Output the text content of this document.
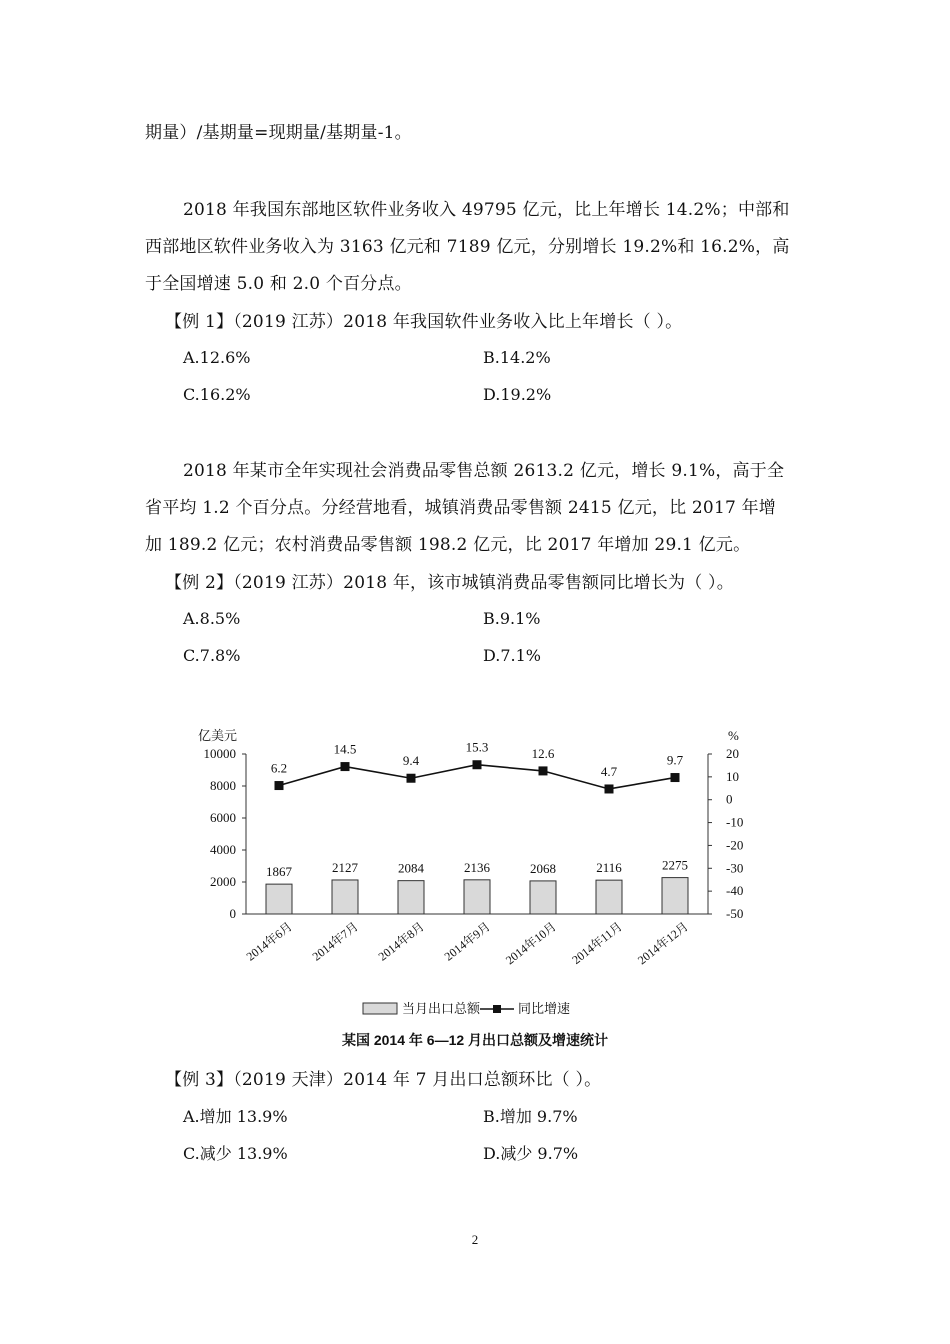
期量）/基期量=现期量/基期量-1。
2018 年我国东部地区软件业务收入 49795 亿元，比上年增长 14.2%；中部和
西部地区软件业务收入为 3163 亿元和 7189 亿元，分别增长 19.2%和 16.2%，高
于全国增速 5.0 和 2.0 个百分点。
【例 1】（2019 江苏）2018 年我国软件业务收入比上年增长（ ）。
A.12.6%	B.14.2%
C.16.2%	D.19.2%
2018 年某市全年实现社会消费品零售总额 2613.2 亿元，增长 9.1%，高于全
省平均 1.2 个百分点。分经营地看，城镇消费品零售额 2415 亿元，比 2017 年增
加 189.2 亿元；农村消费品零售额 198.2 亿元，比 2017 年增加 29.1 亿元。
【例 2】（2019 江苏）2018 年，该市城镇消费品零售额同比增长为（ ）。
A.8.5%	B.9.1%
C.7.8%	D.7.1%
亿美元	%
0
2000
4000
6000
8000
10000
-50
-40
-30
-20
-10
0
10
20
2014年6月 2014年7月 2014年8月 2014年9月 2014年10月 2014年11月 2014年12月
1867	2127	2084	2136	2068	2116	2275
6.2
14.5
9.4
15.3	12.6
4.7
9.7
当月出口总额	同比增速
某国 2014 年 6—12 月出口总额及增速统计
【例 3】（2019 天津）2014 年 7 月出口总额环比（ ）。
A.增加 13.9%	B.增加 9.7%
C.减少 13.9%	D.减少 9.7%
2
